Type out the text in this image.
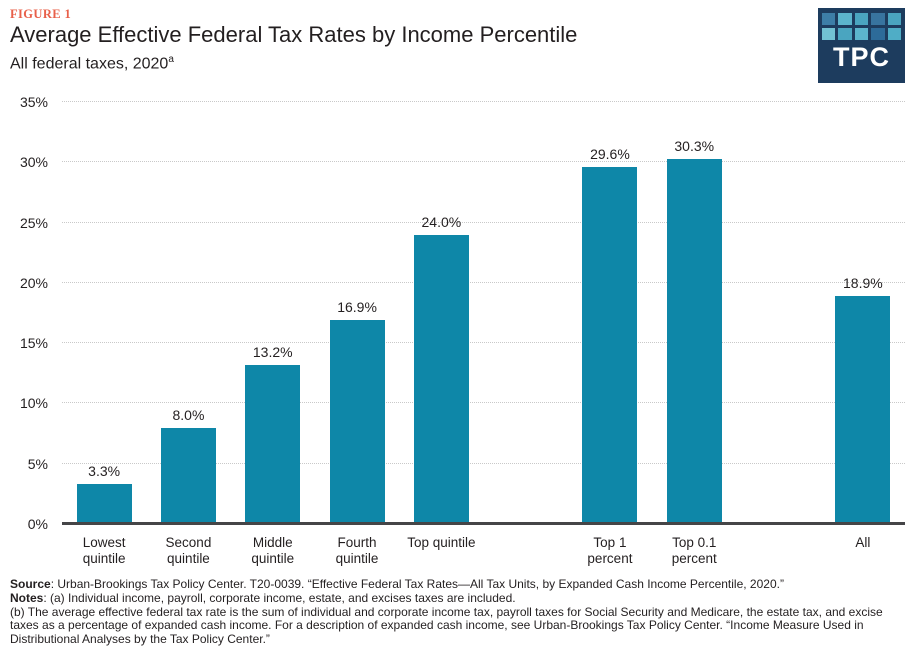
FIGURE 1
Average Effective Federal Tax Rates by Income Percentile
All federal taxes, 2020$^a$	TPC
0%
5%
10%
15%
20%
25%
30%
35%
3.3%
Lowest
quintile
8.0%
Second
quintile
13.2%
Middle
quintile
16.9%
Fourth
quintile
24.0%
Top quintile
29.6%
Top 1
percent
30.3%
Top 0.1
percent
18.9%
All

Source: Urban-Brookings Tax Policy Center. T20-0039. “Effective Federal Tax Rates—All Tax Units, by Expanded Cash Income Percentile, 2020.”

Notes: (a) Individual income, payroll, corporate income, estate, and excises taxes are included.

(b) The average effective federal tax rate is the sum of individual and corporate income tax, payroll taxes for Social Security and Medicare, the estate tax, and excise taxes as a percentage of expanded cash income. For a description of expanded cash income, see Urban-Brookings Tax Policy Center. “Income Measure Used in Distributional Analyses by the Tax Policy Center.”
